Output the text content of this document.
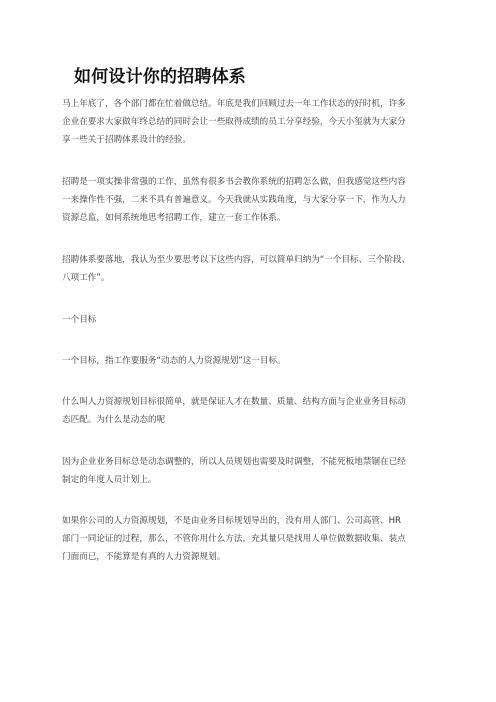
如何设计你的招聘体系

马上年底了，各个部门都在忙着做总结。年底是我们回顾过去一年工作状态的好时机，许多
企业在要求大家做年终总结的同时会让一些取得成绩的员工分享经验，今天小玺就为大家分
享一些关于招聘体系设计的经验。

招聘是一项实操非常强的工作，虽然有很多书会教你系统的招聘怎么做，但我感觉这些内容
一来操作性不强，二来不具有普遍意义。今天我就从实践角度，与大家分享一下，作为人力
资源总监，如何系统地思考招聘工作，建立一套工作体系。

招聘体系要落地，我认为至少要思考以下这些内容，可以简单归纳为“一个目标、三个阶段、
八项工作”。

一个目标

一个目标，指工作要服务“动态的人力资源规划”这一目标。

什么叫人力资源规划目标很简单，就是保证人才在数量、质量、结构方面与企业业务目标动
态匹配。为什么是动态的呢

因为企业业务目标总是动态调整的，所以人员规划也需要及时调整，不能死板地禁锢在已经
制定的年度人员计划上。

如果你公司的人力资源规划，不是由业务目标规划导出的，没有用人部门、公司高管、HR
部门一同论证的过程，那么，不管你用什么方法，充其量只是找用人单位做数据收集、装点
门面而已，不能算是有真的人力资源规划。
